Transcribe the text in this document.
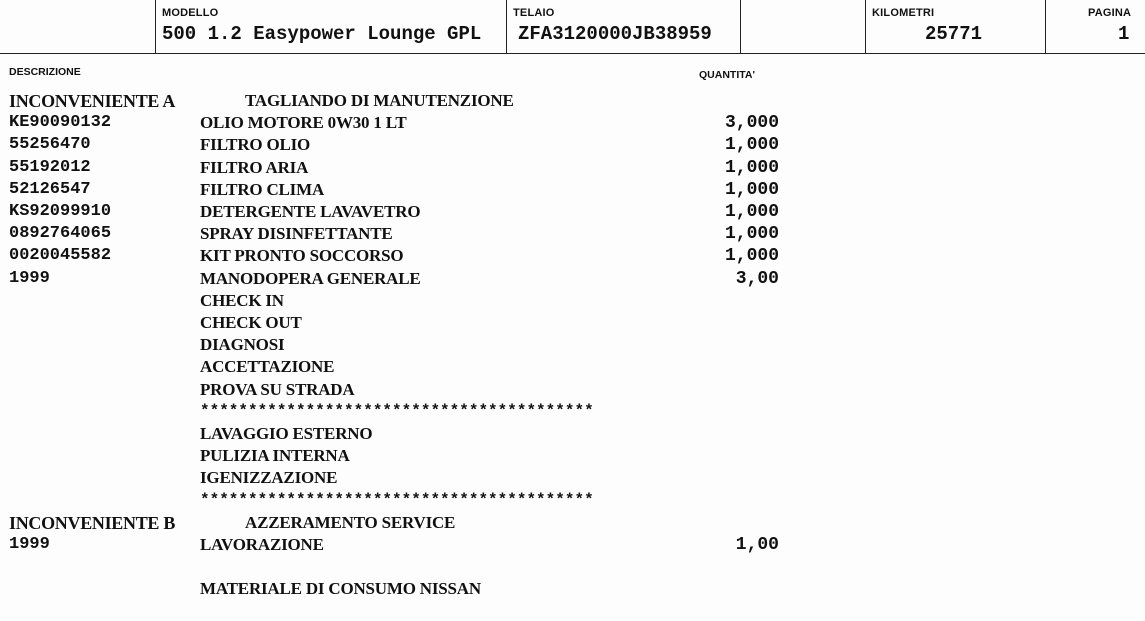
MODELLO
500 1.2 Easypower Lounge GPL
TELAIO
ZFA3120000JB38959
KILOMETRI
25771
PAGINA
1
DESCRIZIONE	QUANTITA'
INCONVENIENTE A	TAGLIANDO DI MANUTENZIONE
KE90090132	OLIO MOTORE 0W30 1 LT	3,000
55256470	FILTRO OLIO	1,000
55192012	FILTRO ARIA	1,000
52126547	FILTRO CLIMA	1,000
KS92099910	DETERGENTE LAVAVETRO	1,000
0892764065	SPRAY DISINFETTANTE	1,000
0020045582	KIT PRONTO SOCCORSO	1,000
1999	MANODOPERA GENERALE	3,00
CHECK IN
CHECK OUT
DIAGNOSI
ACCETTAZIONE
PROVA SU STRADA
*****************************************
LAVAGGIO ESTERNO
PULIZIA INTERNA
IGENIZZAZIONE
*****************************************
INCONVENIENTE B	AZZERAMENTO SERVICE
1999	LAVORAZIONE	1,00
MATERIALE DI CONSUMO NISSAN
